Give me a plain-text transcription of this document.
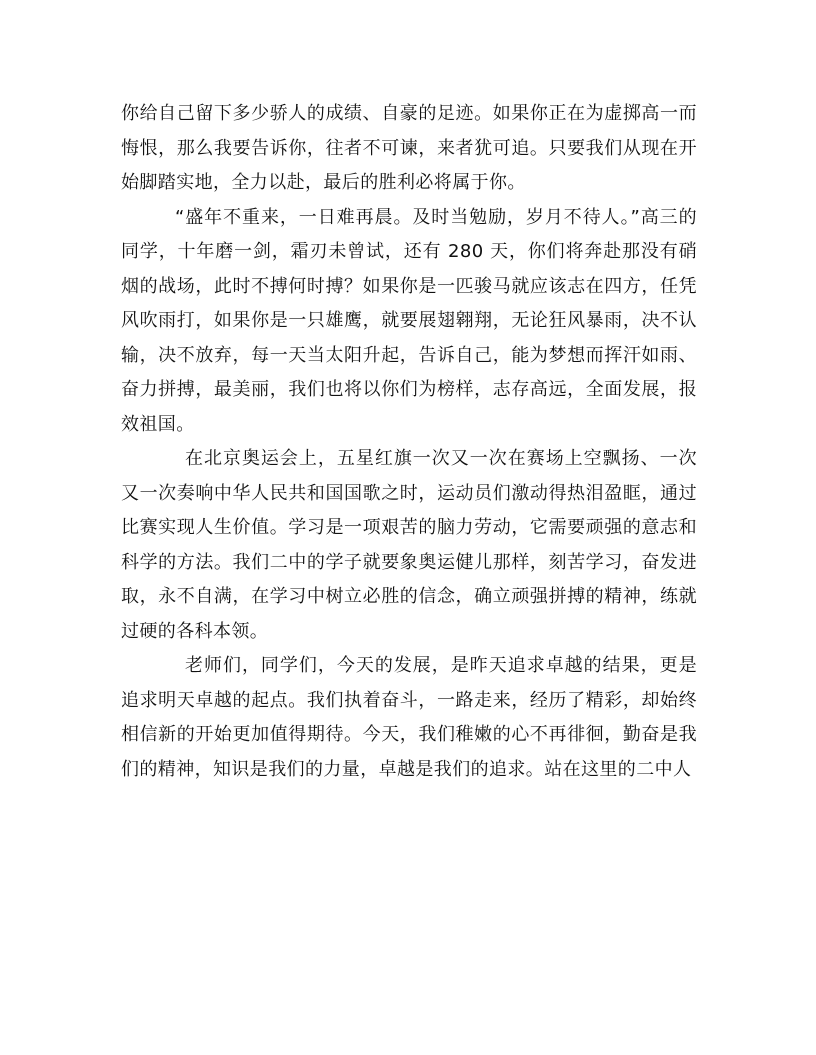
你给自己留下多少骄人的成绩、自豪的足迹。如果你正在为虚掷高一而悔恨，那么我要告诉你，往者不可谏，来者犹可追。只要我们从现在开始脚踏实地，全力以赴，最后的胜利必将属于你。

“盛年不重来，一日难再晨。及时当勉励，岁月不待人。”高三的同学，十年磨一剑，霜刃未曾试，还有 280 天，你们将奔赴那没有硝烟的战场，此时不搏何时搏？如果你是一匹骏马就应该志在四方，任凭风吹雨打，如果你是一只雄鹰，就要展翅翱翔，无论狂风暴雨，决不认输，决不放弃，每一天当太阳升起，告诉自己，能为梦想而挥汗如雨、奋力拼搏，最美丽，我们也将以你们为榜样，志存高远，全面发展，报效祖国。

在北京奥运会上，五星红旗一次又一次在赛场上空飘扬、一次又一次奏响中华人民共和国国歌之时，运动员们激动得热泪盈眶，通过比赛实现人生价值。学习是一项艰苦的脑力劳动，它需要顽强的意志和科学的方法。我们二中的学子就要象奥运健儿那样，刻苦学习，奋发进取，永不自满，在学习中树立必胜的信念，确立顽强拼搏的精神，练就过硬的各科本领。

老师们，同学们，今天的发展，是昨天追求卓越的结果，更是追求明天卓越的起点。我们执着奋斗，一路走来，经历了精彩，却始终相信新的开始更加值得期待。今天，我们稚嫩的心不再徘徊，勤奋是我们的精神，知识是我们的力量，卓越是我们的追求。站在这里的二中人
